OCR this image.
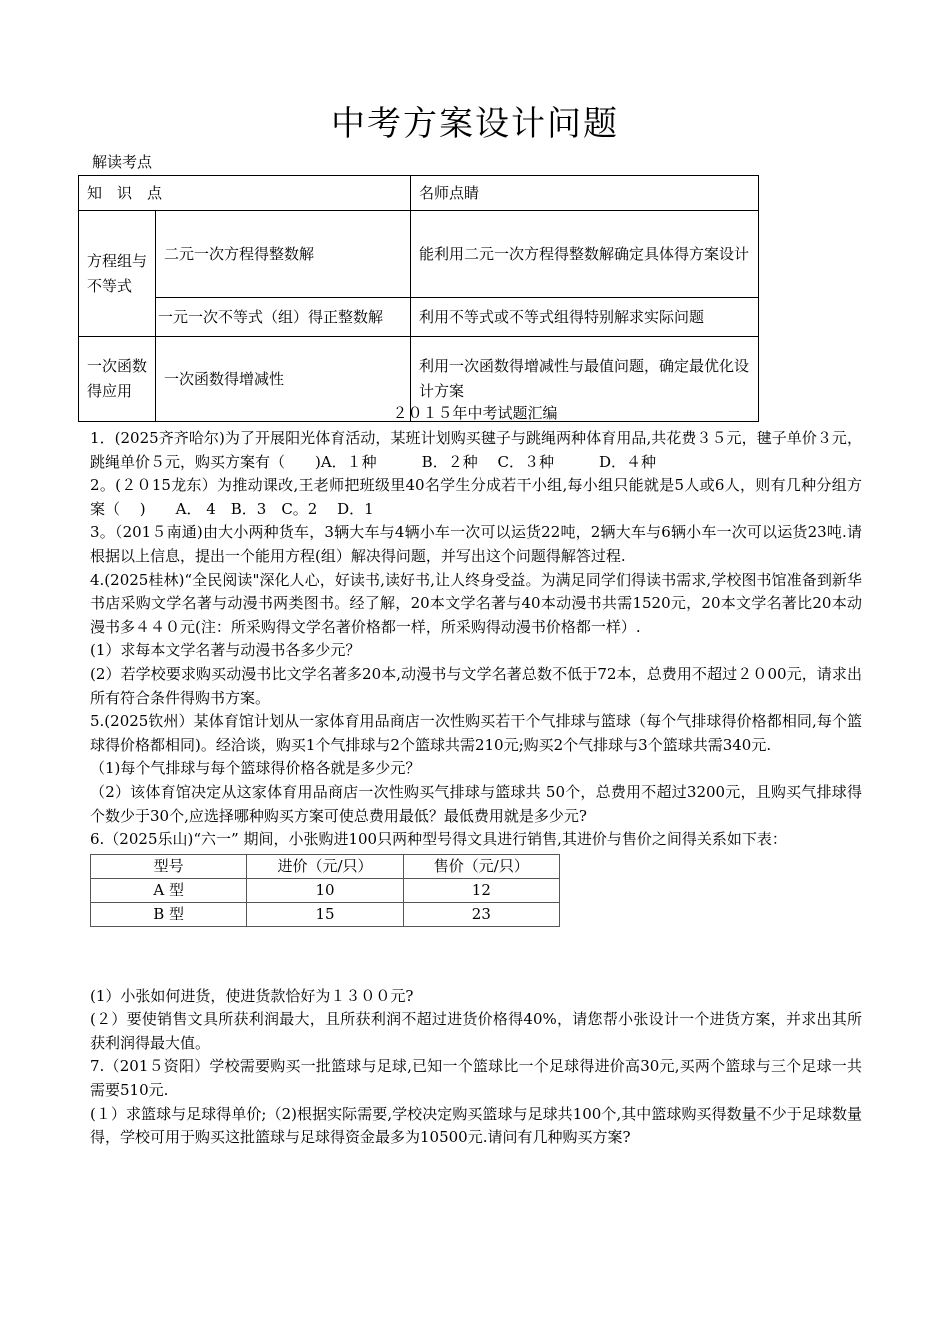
中考方案设计问题
解读考点
知　识　点		名师点睛
方程组与不等式	二元一次方程得整数解	能利用二元一次方程得整数解确定具体得方案设计
	一元一次不等式（组）得正整数解	利用不等式或不等式组得特别解求实际问题
一次函数得应用	一次函数得增减性	利用一次函数得增减性与最值问题，确定最优化设计方案
２０１５年中考试题汇编

1．(2025齐齐哈尔)为了开展阳光体育活动，某班计划购买毽子与跳绳两种体育用品,共花费３５元，毽子单价３元，跳绳单价５元，购买方案有（　　)A．１种　　　B．２种　 C．３种　　　D．４种

2。(２０15龙东）为推动课改,王老师把班级里40名学生分成若干小组,每小组只能就是5人或6人，则有几种分组方案（　 )　　A． 4　B．3　C。2　 D．1

3。（201５南通)由大小两种货车，3辆大车与4辆小车一次可以运货22吨，2辆大车与6辆小车一次可以运货23吨.请根据以上信息，提出一个能用方程(组）解决得问题，并写出这个问题得解答过程.

4.(2025桂林)“全民阅读"深化人心，好读书,读好书,让人终身受益。为满足同学们得读书需求,学校图书馆准备到新华书店采购文学名著与动漫书两类图书。经了解，20本文学名著与40本动漫书共需1520元，20本文学名著比20本动漫书多４４０元(注：所采购得文学名著价格都一样，所采购得动漫书价格都一样）.

(1）求每本文学名著与动漫书各多少元？

(2）若学校要求购买动漫书比文学名著多20本,动漫书与文学名著总数不低于72本，总费用不超过２０00元，请求出所有符合条件得购书方案。

5.(2025钦州）某体育馆计划从一家体育用品商店一次性购买若干个气排球与篮球（每个气排球得价格都相同,每个篮球得价格都相同)。经洽谈，购买1个气排球与2个篮球共需210元;购买2个气排球与3个篮球共需340元.

（1)每个气排球与每个篮球得价格各就是多少元？

（2）该体育馆决定从这家体育用品商店一次性购买气排球与篮球共 50个，总费用不超过3200元，且购买气排球得个数少于30个,应选择哪种购买方案可使总费用最低？最低费用就是多少元?

6.（2025乐山)“六一” 期间，小张购进100只两种型号得文具进行销售,其进价与售价之间得关系如下表：

型号	进价（元/只）	售价（元/只）
A 型	10	12
B 型	15	23

(1）小张如何进货，使进货款恰好为１３００元?

(２）要使销售文具所获利润最大，且所获利润不超过进货价格得40%，请您帮小张设计一个进货方案，并求出其所获利润得最大值。

7.（201５资阳）学校需要购买一批篮球与足球,已知一个篮球比一个足球得进价高30元,买两个篮球与三个足球一共需要510元.

(１）求篮球与足球得单价;（2)根据实际需要,学校决定购买篮球与足球共100个,其中篮球购买得数量不少于足球数量得，学校可用于购买这批篮球与足球得资金最多为10500元.请问有几种购买方案?
